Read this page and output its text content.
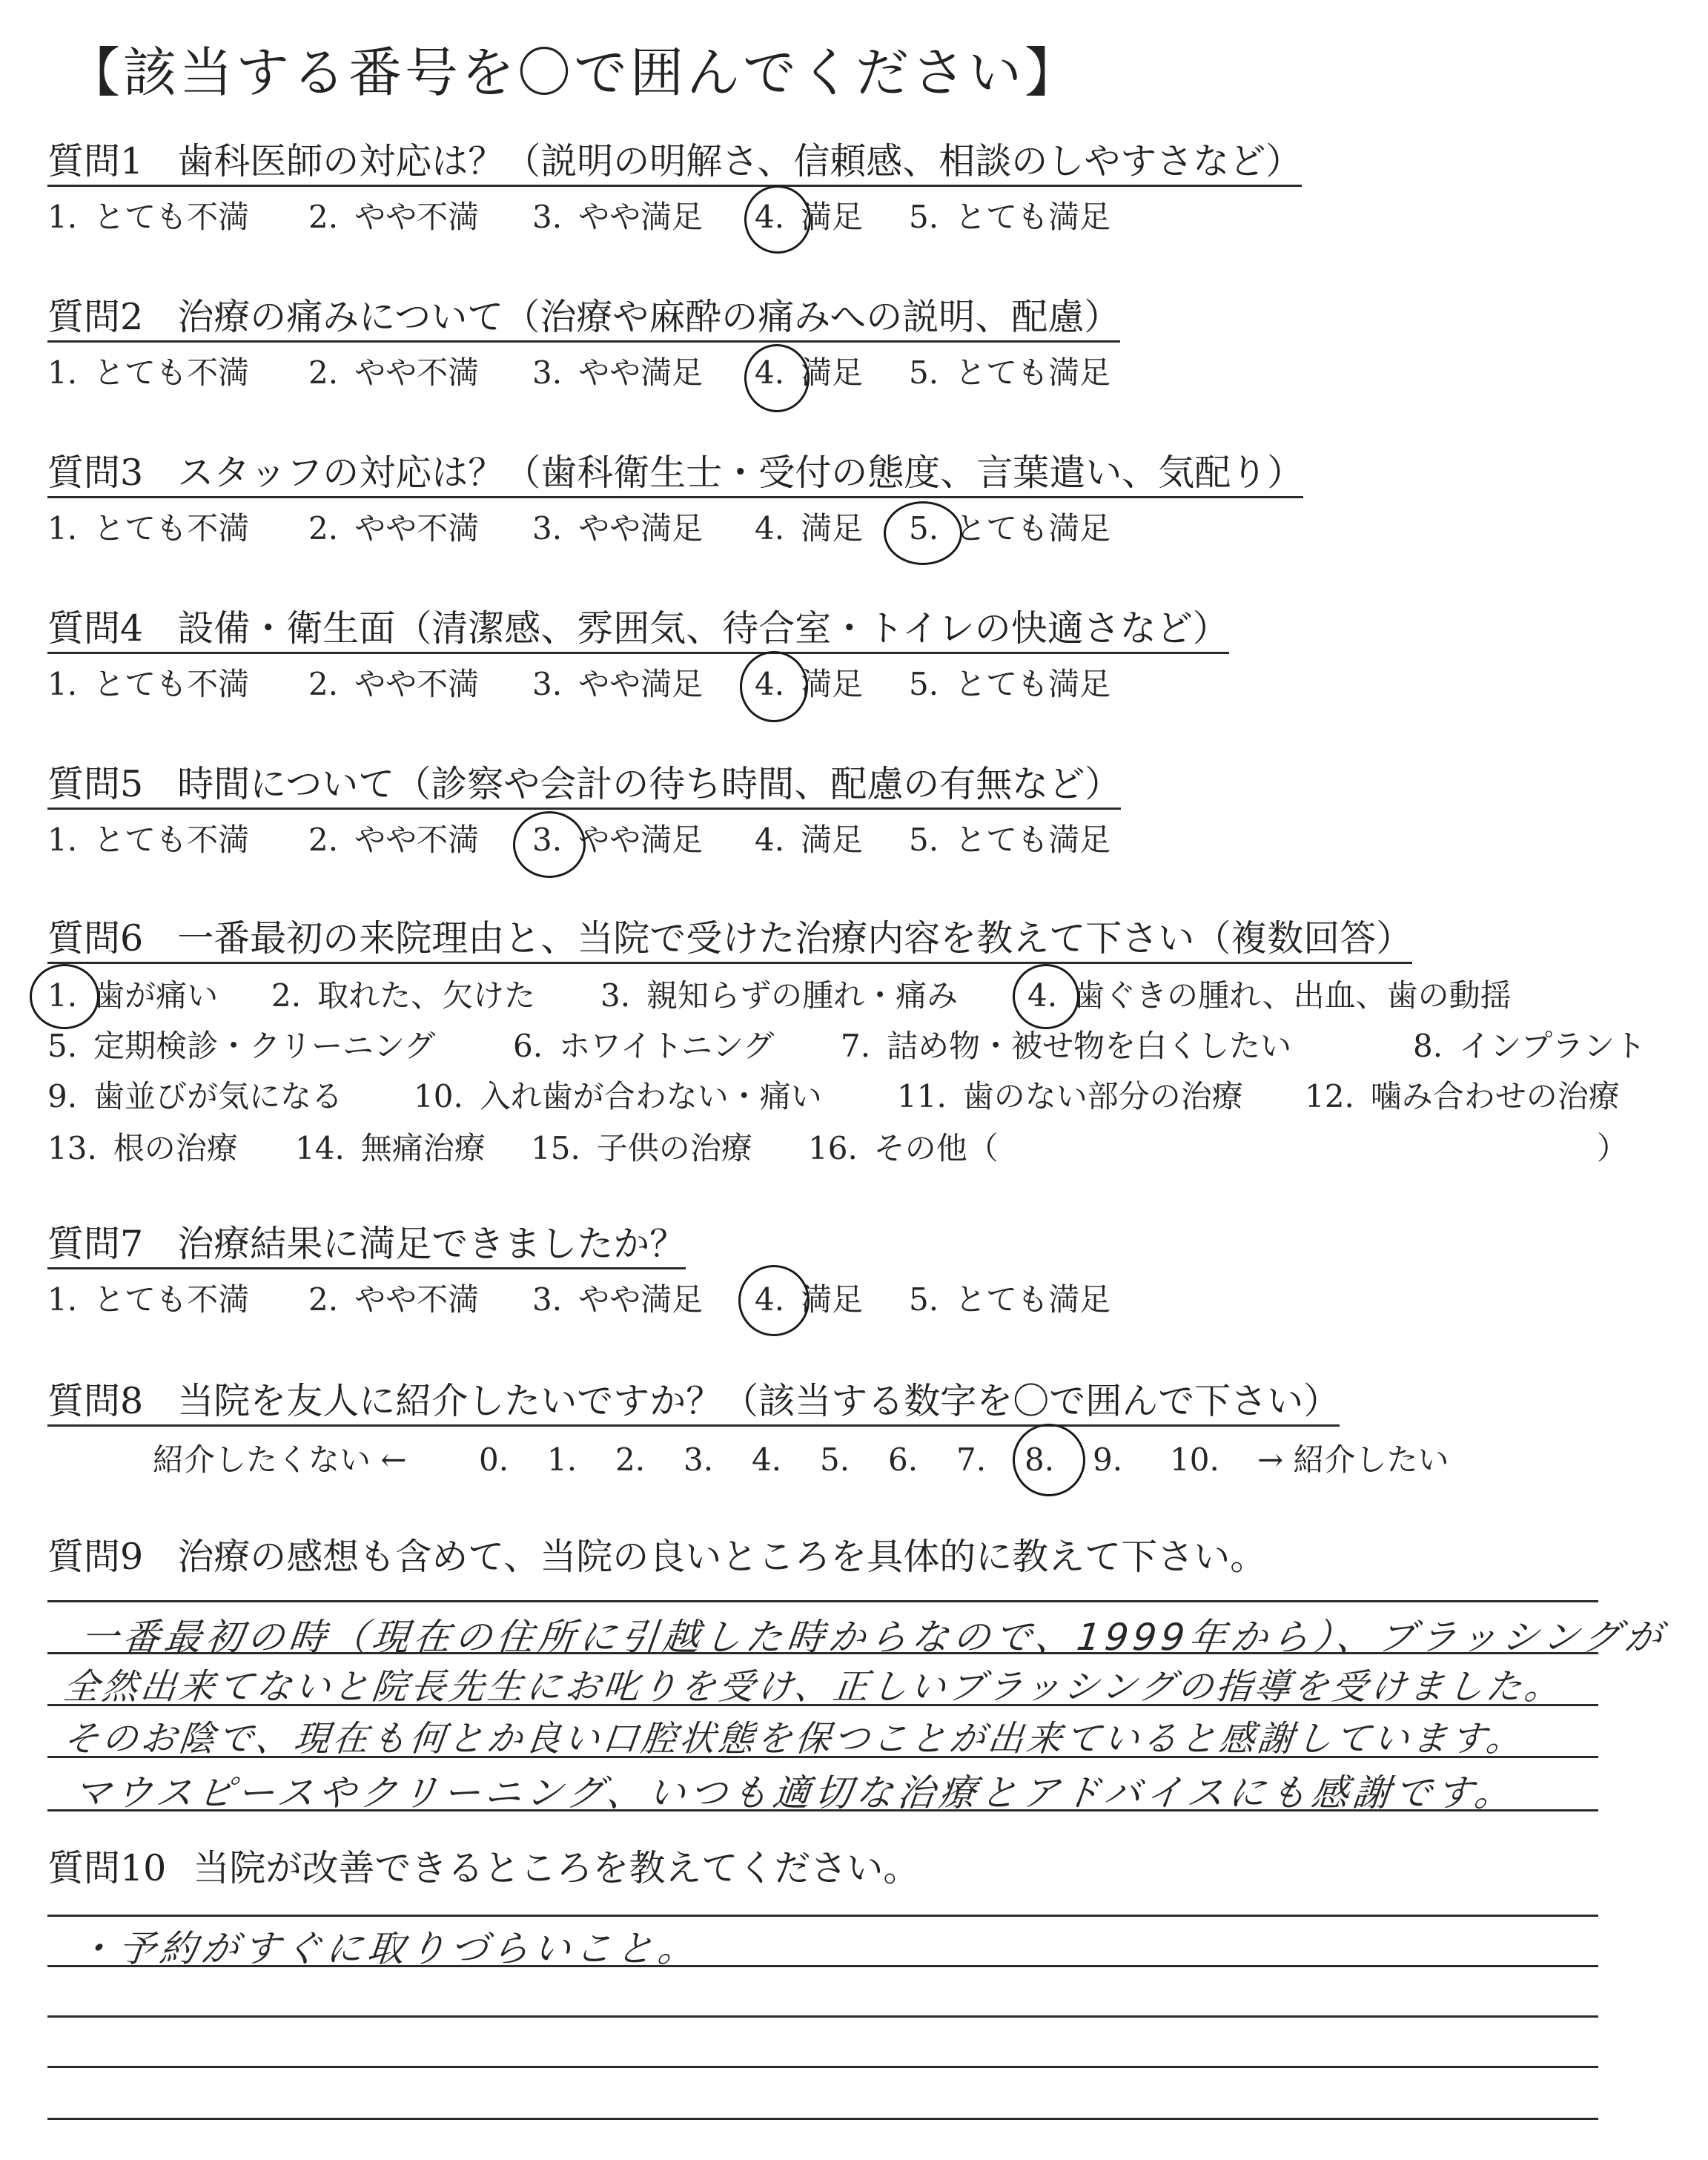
【該当する番号を〇で囲んでください】
質問1 歯科医師の対応は？（説明の明解さ、信頼感、相談のしやすさなど）
1. とても不満 2. やや不満 3. やや満足 4. 満足 5. とても満足
質問2 治療の痛みについて（治療や麻酔の痛みへの説明、配慮）
1. とても不満 2. やや不満 3. やや満足 4. 満足 5. とても満足
質問3 スタッフの対応は？（歯科衛生士・受付の態度、言葉遣い、気配り）
1. とても不満 2. やや不満 3. やや満足 4. 満足 5. とても満足
質問4 設備・衛生面（清潔感、雰囲気、待合室・トイレの快適さなど）
1. とても不満 2. やや不満 3. やや満足 4. 満足 5. とても満足
質問5 時間について（診察や会計の待ち時間、配慮の有無など）
1. とても不満 2. やや不満 3. やや満足 4. 満足 5. とても満足
質問6 一番最初の来院理由と、当院で受けた治療内容を教えて下さい（複数回答）
1. 歯が痛い 2. 取れた、欠けた 3. 親知らずの腫れ・痛み 4. 歯ぐきの腫れ、出血、歯の動揺
5. 定期検診・クリーニング 6. ホワイトニング 7. 詰め物・被せ物を白くしたい	8. インプラント
9. 歯並びが気になる 10. 入れ歯が合わない・痛い 11. 歯のない部分の治療 12. 噛み合わせの治療
13. 根の治療 14. 無痛治療 15. 子供の治療 16. その他（	）
質問7 治療結果に満足できましたか？
1. とても不満 2. やや不満 3. やや満足 4. 満足 5. とても満足
質問8 当院を友人に紹介したいですか？（該当する数字を〇で囲んで下さい）
紹介したくない ← 0. 1. 2. 3. 4. 5. 6. 7. 8. 9. 10. → 紹介したい
質問9 治療の感想も含めて、当院の良いところを具体的に教えて下さい。
一番最初の時（現在の住所に引越した時からなので、1999年から）、ブラッシングが
全然出来てないと院長先生にお叱りを受け、正しいブラッシングの指導を受けました。
そのお陰で、現在も何とか良い口腔状態を保つことが出来ていると感謝しています。
マウスピースやクリーニング、いつも適切な治療とアドバイスにも感謝です。
質問10 当院が改善できるところを教えてください。
・予約がすぐに取りづらいこと。
